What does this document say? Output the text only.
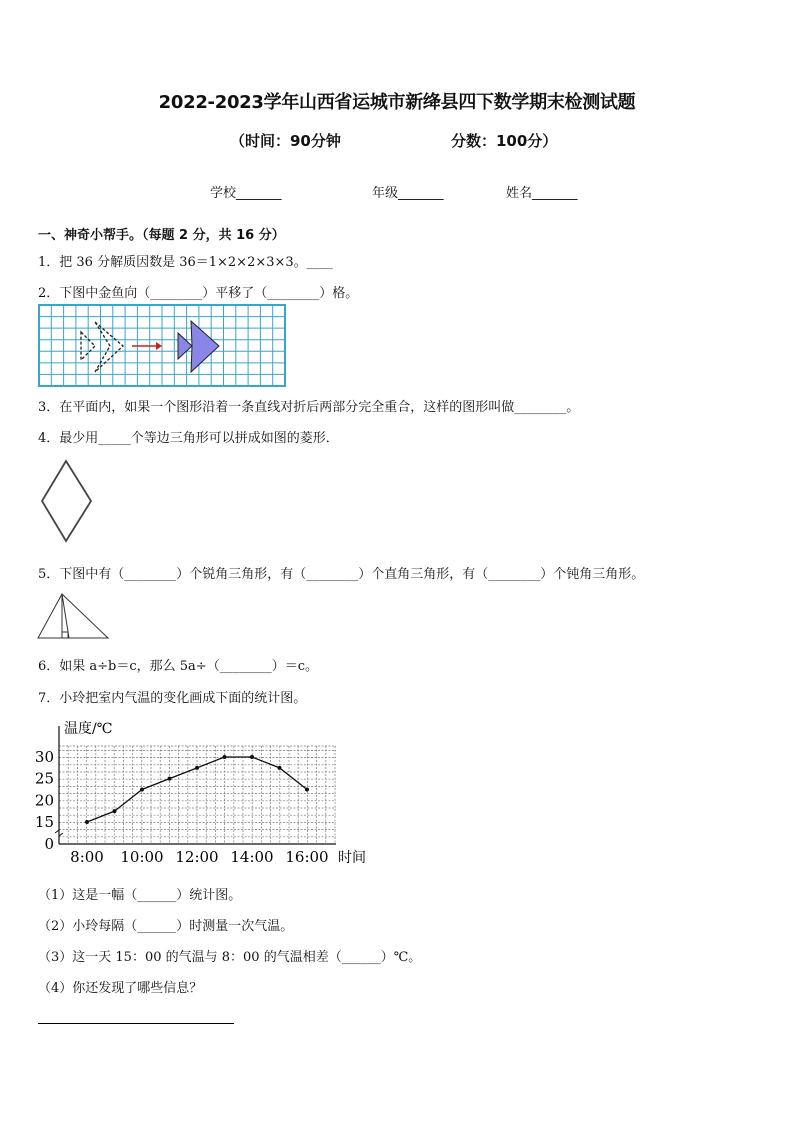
2022-2023学年山西省运城市新绛县四下数学期末检测试题
（时间：90分钟	分数：100分）
学校_______	年级_______	姓名_______
一、神奇小帮手。（每题 2 分，共 16 分）
1．把 36 分解质因数是 36＝1×2×2×3×3。____
2．下图中金鱼向（________）平移了（________）格。
3．在平面内，如果一个图形沿着一条直线对折后两部分完全重合，这样的图形叫做________。
4．最少用_____个等边三角形可以拼成如图的菱形．
5．下图中有（________）个锐角三角形，有（________）个直角三角形，有（________）个钝角三角形。
6．如果 a÷b＝c，那么 5a÷（________）＝c。
7．小玲把室内气温的变化画成下面的统计图。
温度/℃
时间
0
15
20
25
30
8:00 10:00 12:00 14:00 16:00
（1）这是一幅（______）统计图。
（2）小玲每隔（______）时测量一次气温。
（3）这一天 15：00 的气温与 8：00 的气温相差（______）℃。
（4）你还发现了哪些信息？
